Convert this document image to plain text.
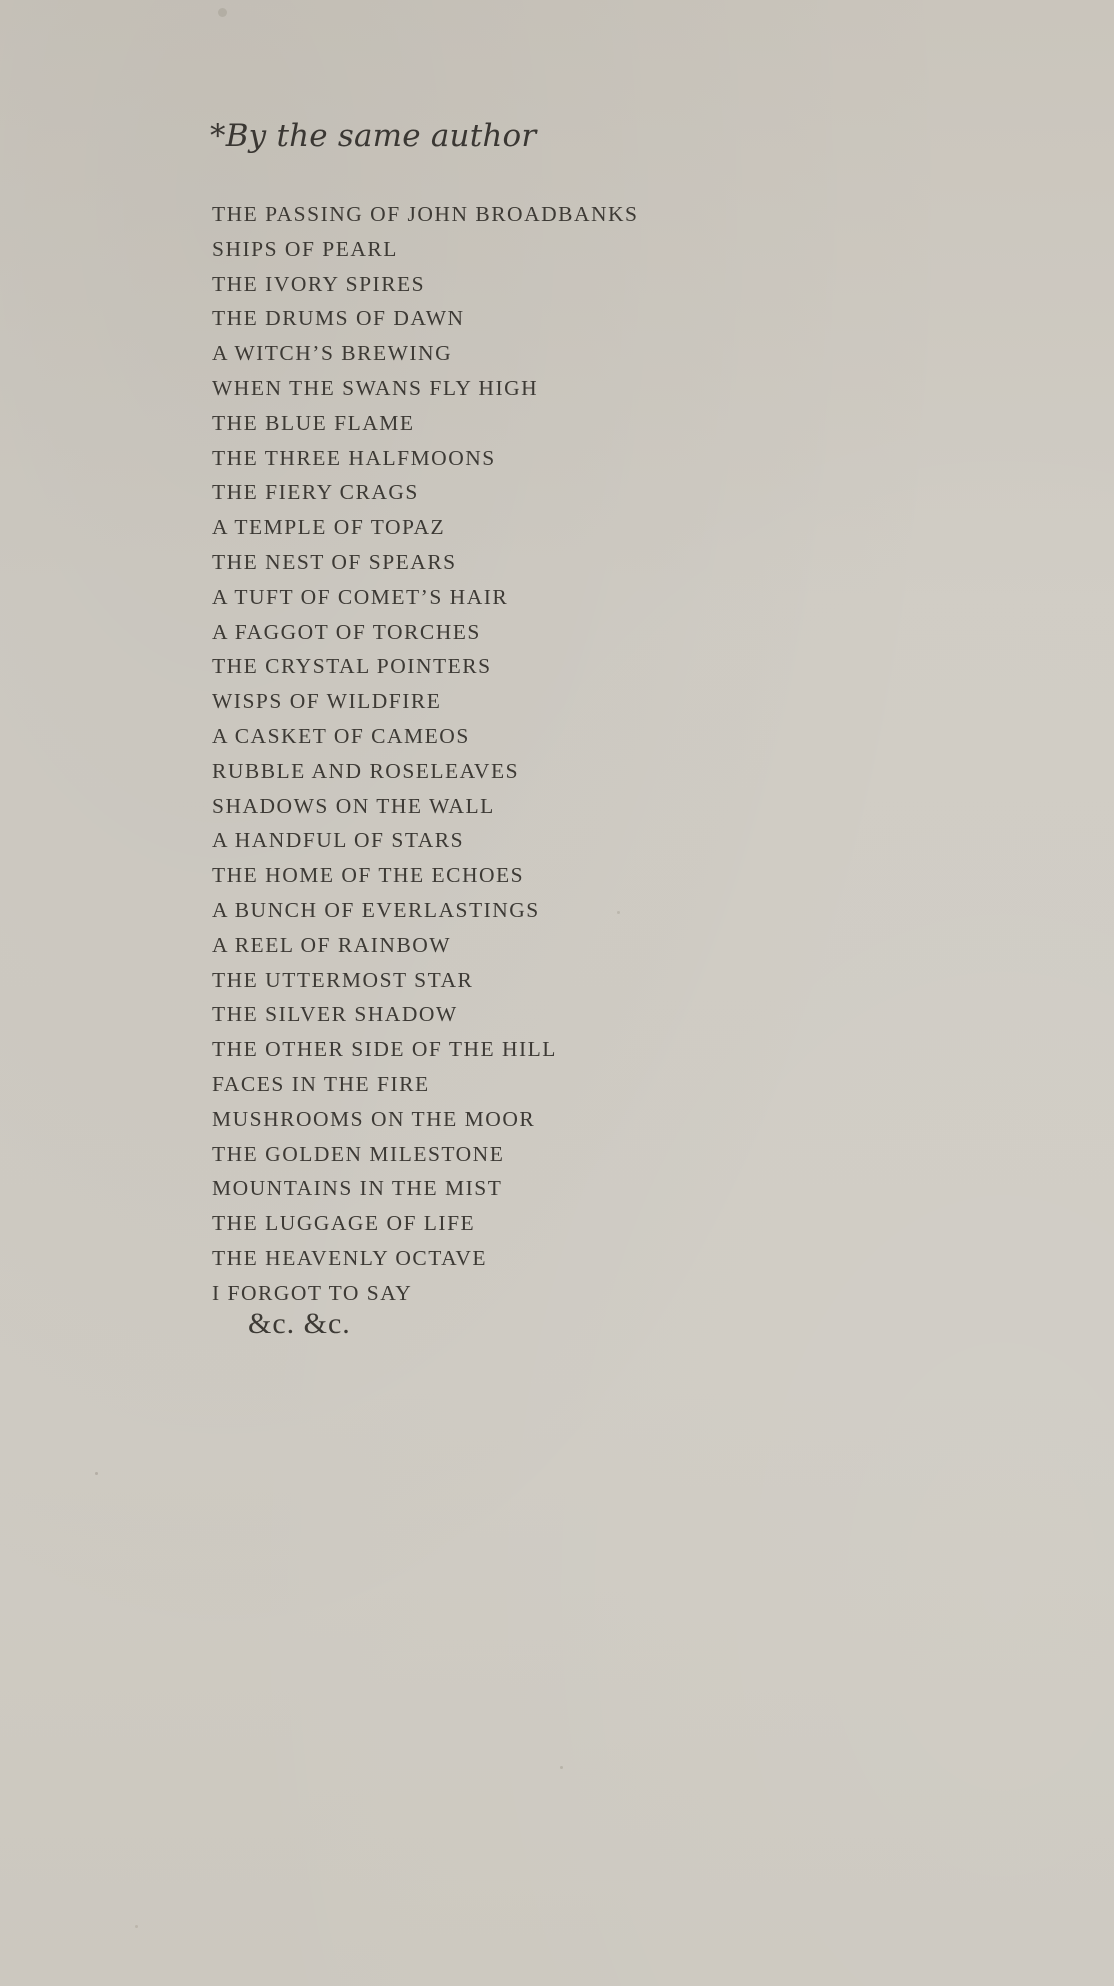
*By the same author
THE PASSING OF JOHN BROADBANKS
SHIPS OF PEARL
THE IVORY SPIRES
THE DRUMS OF DAWN
A WITCH’S BREWING
WHEN THE SWANS FLY HIGH
THE BLUE FLAME
THE THREE HALFMOONS
THE FIERY CRAGS
A TEMPLE OF TOPAZ
THE NEST OF SPEARS
A TUFT OF COMET’S HAIR
A FAGGOT OF TORCHES
THE CRYSTAL POINTERS
WISPS OF WILDFIRE
A CASKET OF CAMEOS
RUBBLE AND ROSELEAVES
SHADOWS ON THE WALL
A HANDFUL OF STARS
THE HOME OF THE ECHOES
A BUNCH OF EVERLASTINGS
A REEL OF RAINBOW
THE UTTERMOST STAR
THE SILVER SHADOW
THE OTHER SIDE OF THE HILL
FACES IN THE FIRE
MUSHROOMS ON THE MOOR
THE GOLDEN MILESTONE
MOUNTAINS IN THE MIST
THE LUGGAGE OF LIFE
THE HEAVENLY OCTAVE
I FORGOT TO SAY
&c. &c.
